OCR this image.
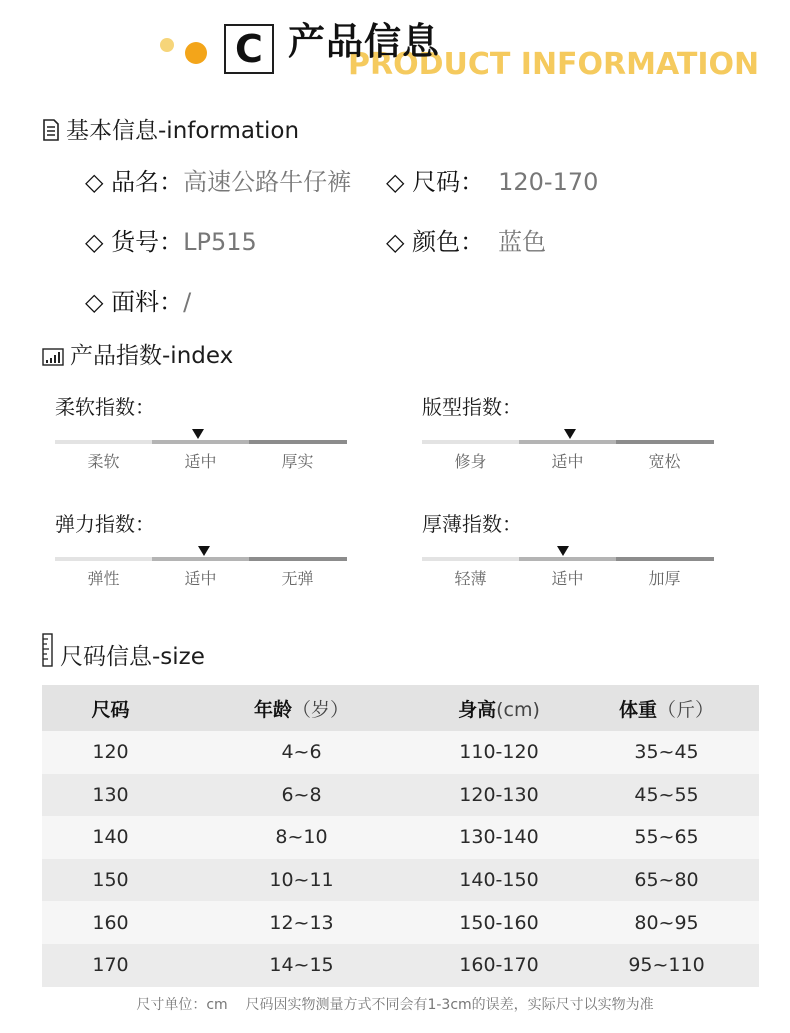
C	PRODUCT INFORMATION
产品信息
基本信息-information
◇ 品名：高速公路牛仔裤 ◇ 尺码： 120-170
◇ 货号：LP515	◇ 颜色： 蓝色
◇ 面料：/
产品指数-index
柔软指数：
柔软	适中	厚实
版型指数：
修身	适中	宽松
弹力指数：
弹性	适中	无弹
厚薄指数：
轻薄	适中	加厚
尺码信息-size
尺码	年龄（岁）	身高(cm)	体重（斤）
120	4~6	110-120	35~45
130	6~8	120-130	45~55
140	8~10	130-140	55~65
150	10~11	140-150	65~80
160	12~13	150-160	80~95
170	14~15	160-170	95~110
尺寸单位：cm    尺码因实物测量方式不同会有1-3cm的误差，实际尺寸以实物为准
